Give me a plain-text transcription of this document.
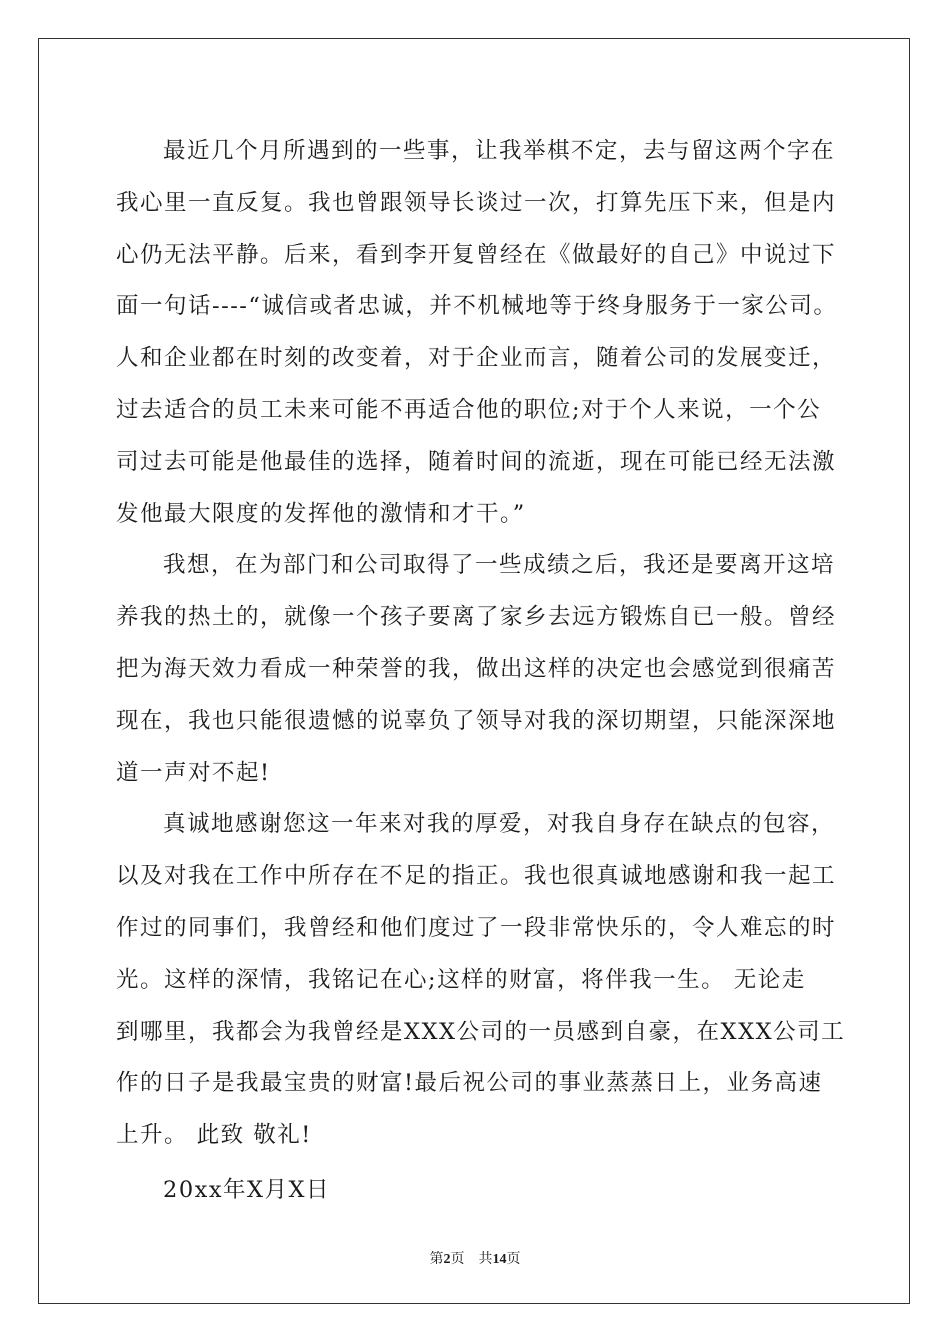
最近几个月所遇到的一些事，让我举棋不定，去与留这两个字在
我心里一直反复。我也曾跟领导长谈过一次，打算先压下来，但是内
心仍无法平静。后来，看到李开复曾经在《做最好的自己》中说过下
面一句话----“诚信或者忠诚，并不机械地等于终身服务于一家公司。
人和企业都在时刻的改变着，对于企业而言，随着公司的发展变迁，
过去适合的员工未来可能不再适合他的职位;对于个人来说，一个公
司过去可能是他最佳的选择，随着时间的流逝，现在可能已经无法激
发他最大限度的发挥他的激情和才干。”
我想，在为部门和公司取得了一些成绩之后，我还是要离开这培
养我的热土的，就像一个孩子要离了家乡去远方锻炼自已一般。曾经
把为海天效力看成一种荣誉的我，做出这样的决定也会感觉到很痛苦
现在，我也只能很遗憾的说辜负了领导对我的深切期望，只能深深地
道一声对不起!
真诚地感谢您这一年来对我的厚爱，对我自身存在缺点的包容，
以及对我在工作中所存在不足的指正。我也很真诚地感谢和我一起工
作过的同事们，我曾经和他们度过了一段非常快乐的，令人难忘的时
光。这样的深情，我铭记在心;这样的财富，将伴我一生。 无论走
到哪里，我都会为我曾经是XXX公司的一员感到自豪，在XXX公司工
作的日子是我最宝贵的财富!最后祝公司的事业蒸蒸日上，业务高速
上升。 此致 敬礼!
20xx年X月X日
第2页 共14页
